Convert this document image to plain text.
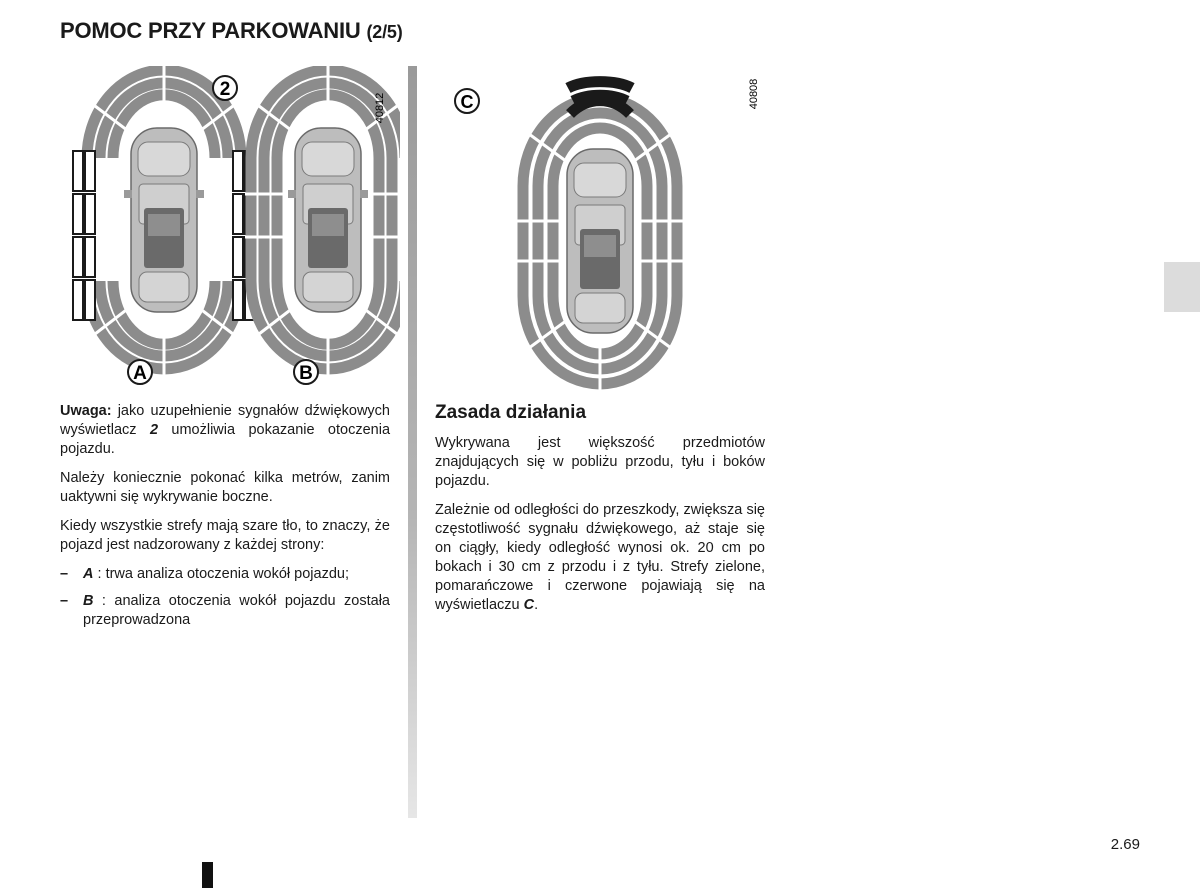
POMOC PRZY PARKOWANIU (2/5)
2
A	B
40812	C	40808

Uwaga: jako uzupełnienie sygnałów dźwiękowych wyświetlacz 2 umożliwia pokazanie otoczenia pojazdu.

Należy koniecznie pokonać kilka metrów, zanim uaktywni się wykrywanie boczne.

Kiedy wszystkie strefy mają szare tło, to znaczy, że pojazd jest nadzorowany z każdej strony:

– A : trwa analiza otoczenia wokół pojazdu;
– B : analiza otoczenia wokół pojazdu została przeprowadzona
Zasada działania

Wykrywana jest większość przedmiotów znajdujących się w pobliżu przodu, tyłu i boków pojazdu.

Zależnie od odległości do przeszkody, zwiększa się częstotliwość sygnału dźwiękowego, aż staje się on ciągły, kiedy odległość wynosi ok. 20 cm po bokach i 30 cm z przodu i z tyłu. Strefy zielone, pomarańczowe i czerwone pojawiają się na wyświetlaczu C.

2.69
